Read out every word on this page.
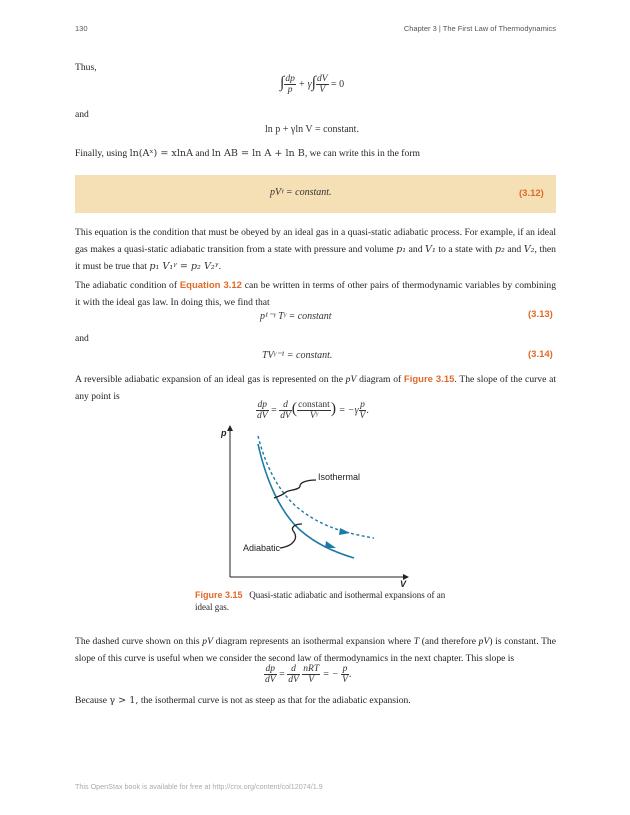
130	Chapter 3 | The First Law of Thermodynamics
Thus,
∫ $\frac{dp}{p} + \gamma\int \frac{dV}{V} = 0$
and
ln p + γln V = constant.
Finally, using ln(Aˣ) = xlnA and ln AB = ln A + ln B, we can write this in the form
pVᵞ = constant.	(3.12)
This equation is the condition that must be obeyed by an ideal gas in a quasi-static adiabatic process. For example, if an ideal gas makes a quasi-static adiabatic transition from a state with pressure and volume p₁ and V₁ to a state with p₂ and V₂, then it must be true that p₁ V₁ᵞ = p₂ V₂ᵞ.
The adiabatic condition of Equation 3.12 can be written in terms of other pairs of thermodynamic variables by combining it with the ideal gas law. In doing this, we find that
p¹⁻ᵞ Tᵞ = constant	(3.13)
and
TVᵞ⁻¹ = constant.	(3.14)
A reversible adiabatic expansion of an ideal gas is represented on the pV diagram of Figure 3.15. The slope of the curve at any point is
$\frac{dp}{dV} = \frac{d}{dV}$ ( $\frac{\text{constant}}{\text{Vᵞ}}$ ) = $-\gamma \frac{p}{V}$ .
p
V
Isothermal
Adiabatic
Figure 3.15 Quasi-static adiabatic and isothermal expansions of an ideal gas.
The dashed curve shown on this pV diagram represents an isothermal expansion where T (and therefore pV) is constant. The slope of this curve is useful when we consider the second law of thermodynamics in the next chapter. This slope is
$\frac{dp}{dV} = \frac{d}{dV}$
$\frac{\text{nRT}}{V}$ = − $\frac{p}{V}$ .
Because γ > 1, the isothermal curve is not as steep as that for the adiabatic expansion.
This OpenStax book is available for free at http://cnx.org/content/col12074/1.9
